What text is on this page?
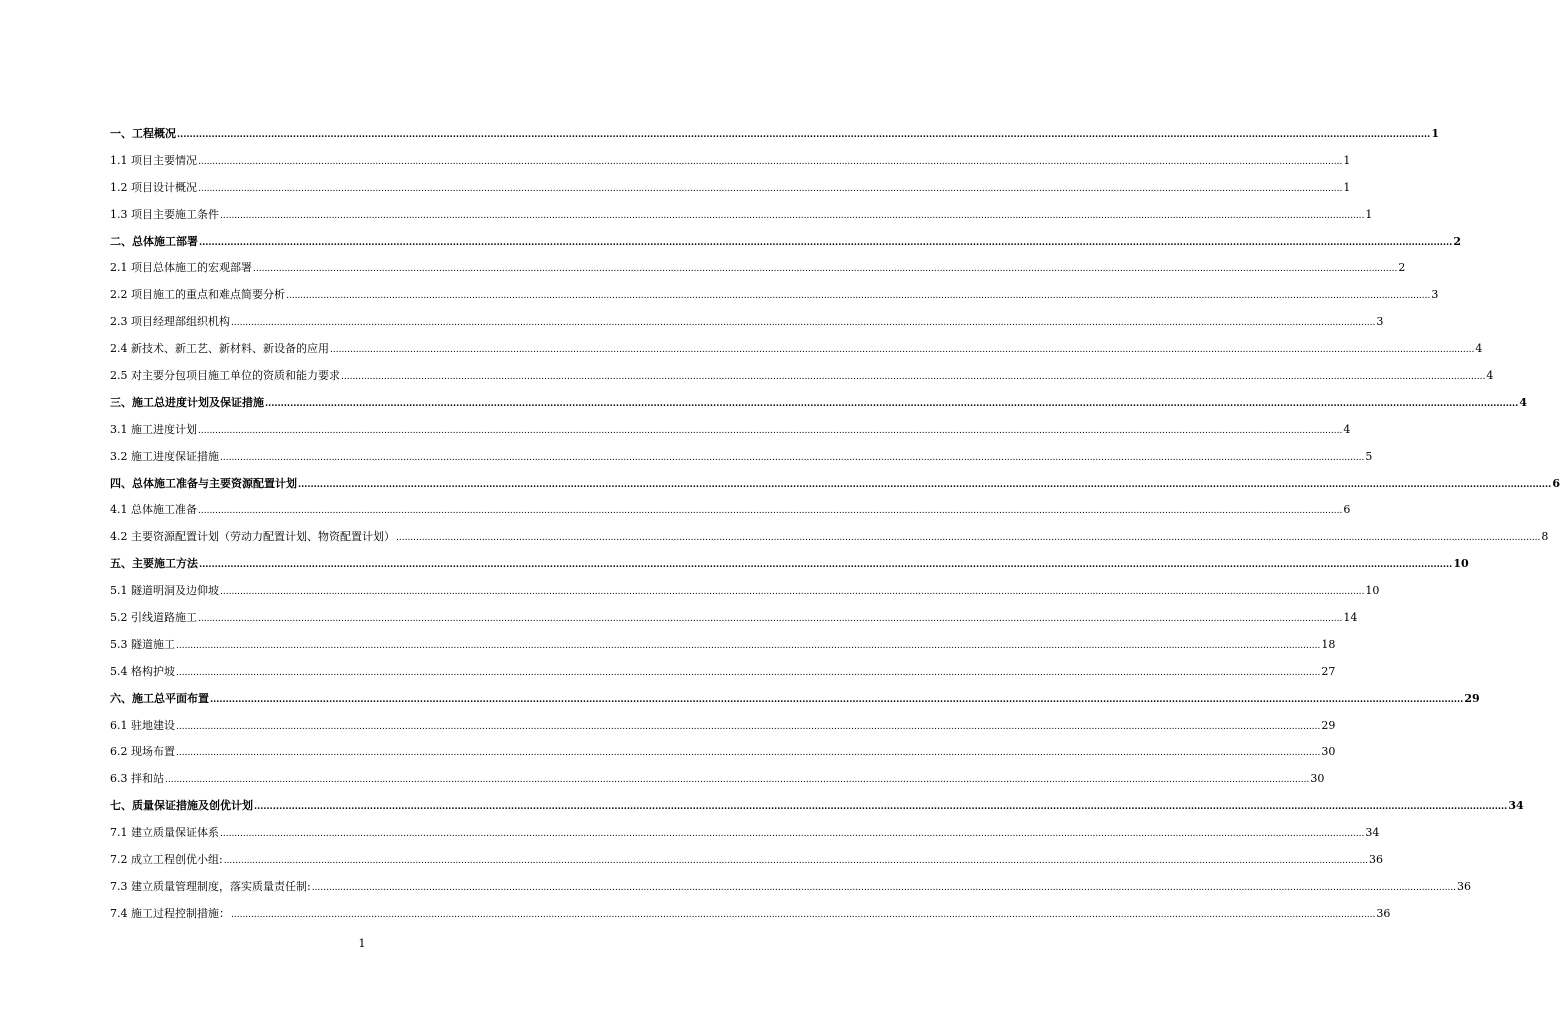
一、工程概况 ................................................................................................................................................................................................................................................................................................................................................................................................................ 1
1.1 项目主要情况 ................................................................................................................................................................................................................................................................................................................................................................................................................ 1
1.2 项目设计概况 ................................................................................................................................................................................................................................................................................................................................................................................................................ 1
1.3 项目主要施工条件 ................................................................................................................................................................................................................................................................................................................................................................................................................ 1
二、总体施工部署 ................................................................................................................................................................................................................................................................................................................................................................................................................ 2
2.1 项目总体施工的宏观部署 ................................................................................................................................................................................................................................................................................................................................................................................................................ 2
2.2 项目施工的重点和难点简要分析 ................................................................................................................................................................................................................................................................................................................................................................................................................ 3
2.3 项目经理部组织机构 ................................................................................................................................................................................................................................................................................................................................................................................................................ 3
2.4 新技术、新工艺、新材料、新设备的应用 ................................................................................................................................................................................................................................................................................................................................................................................................................ 4
2.5 对主要分包项目施工单位的资质和能力要求 ................................................................................................................................................................................................................................................................................................................................................................................................................ 4
三、施工总进度计划及保证措施 ................................................................................................................................................................................................................................................................................................................................................................................................................ 4
3.1 施工进度计划 ................................................................................................................................................................................................................................................................................................................................................................................................................ 4
3.2 施工进度保证措施 ................................................................................................................................................................................................................................................................................................................................................................................................................ 5
四、总体施工准备与主要资源配置计划 ................................................................................................................................................................................................................................................................................................................................................................................................................ 6
4.1 总体施工准备 ................................................................................................................................................................................................................................................................................................................................................................................................................ 6
4.2 主要资源配置计划（劳动力配置计划、物资配置计划） ................................................................................................................................................................................................................................................................................................................................................................................................................ 8
五、主要施工方法 ................................................................................................................................................................................................................................................................................................................................................................................................................ 10
5.1 隧道明洞及边仰坡 ................................................................................................................................................................................................................................................................................................................................................................................................................ 10
5.2 引线道路施工 ................................................................................................................................................................................................................................................................................................................................................................................................................ 14
5.3 隧道施工 ................................................................................................................................................................................................................................................................................................................................................................................................................ 18
5.4 格构护坡 ................................................................................................................................................................................................................................................................................................................................................................................................................ 27
六、施工总平面布置 ................................................................................................................................................................................................................................................................................................................................................................................................................ 29
6.1 驻地建设 ................................................................................................................................................................................................................................................................................................................................................................................................................ 29
6.2 现场布置 ................................................................................................................................................................................................................................................................................................................................................................................................................ 30
6.3 拌和站 ................................................................................................................................................................................................................................................................................................................................................................................................................ 30
七、质量保证措施及创优计划 ................................................................................................................................................................................................................................................................................................................................................................................................................ 34
7.1 建立质量保证体系 ................................................................................................................................................................................................................................................................................................................................................................................................................ 34
7.2 成立工程创优小组: ................................................................................................................................................................................................................................................................................................................................................................................................................ 36
7.3 建立质量管理制度，落实质量责任制: ................................................................................................................................................................................................................................................................................................................................................................................................................ 36
7.4 施工过程控制措施： ................................................................................................................................................................................................................................................................................................................................................................................................................ 36
1
